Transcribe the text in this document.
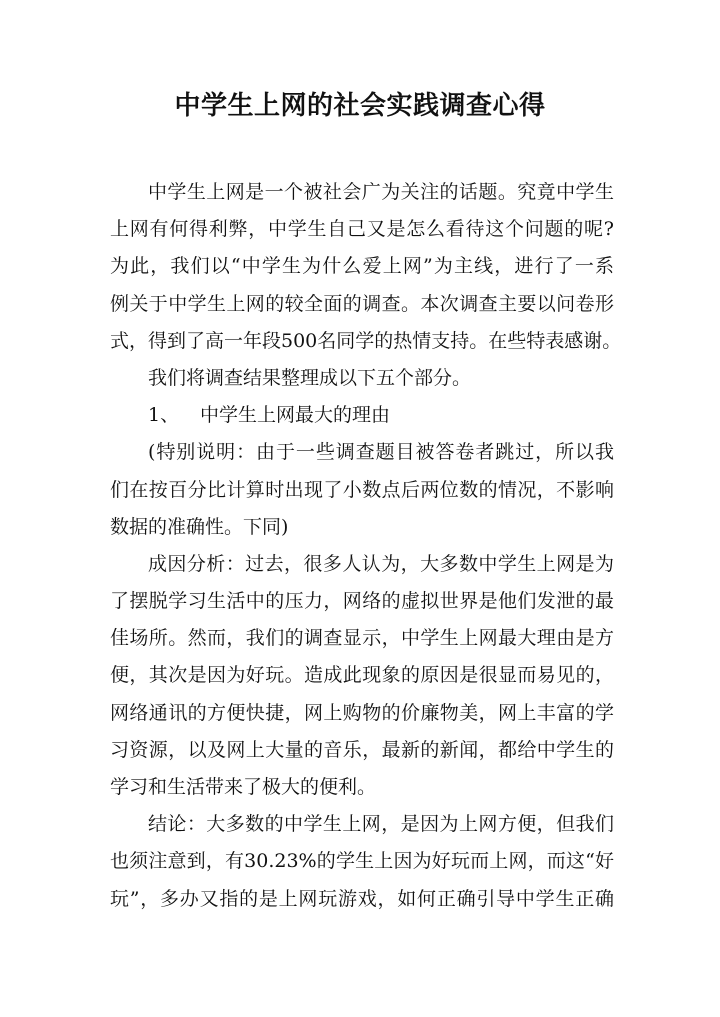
中学生上网的社会实践调查心得
中学生上网是一个被社会广为关注的话题。究竟中学生
上网有何得利弊，中学生自己又是怎么看待这个问题的呢?
为此，我们以“中学生为什么爱上网”为主线，进行了一系
例关于中学生上网的较全面的调查。本次调查主要以问卷形
式，得到了高一年段500名同学的热情支持。在些特表感谢。
我们将调查结果整理成以下五个部分。
1、 中学生上网最大的理由
(特别说明：由于一些调查题目被答卷者跳过，所以我
们在按百分比计算时出现了小数点后两位数的情况，不影响
数据的准确性。下同)
成因分析：过去，很多人认为，大多数中学生上网是为
了摆脱学习生活中的压力，网络的虚拟世界是他们发泄的最
佳场所。然而，我们的调查显示，中学生上网最大理由是方
便，其次是因为好玩。造成此现象的原因是很显而易见的，
网络通讯的方便快捷，网上购物的价廉物美，网上丰富的学
习资源，以及网上大量的音乐，最新的新闻，都给中学生的
学习和生活带来了极大的便利。
结论：大多数的中学生上网，是因为上网方便，但我们
也须注意到，有30.23%的学生上因为好玩而上网，而这“好
玩”，多办又指的是上网玩游戏，如何正确引导中学生正确
